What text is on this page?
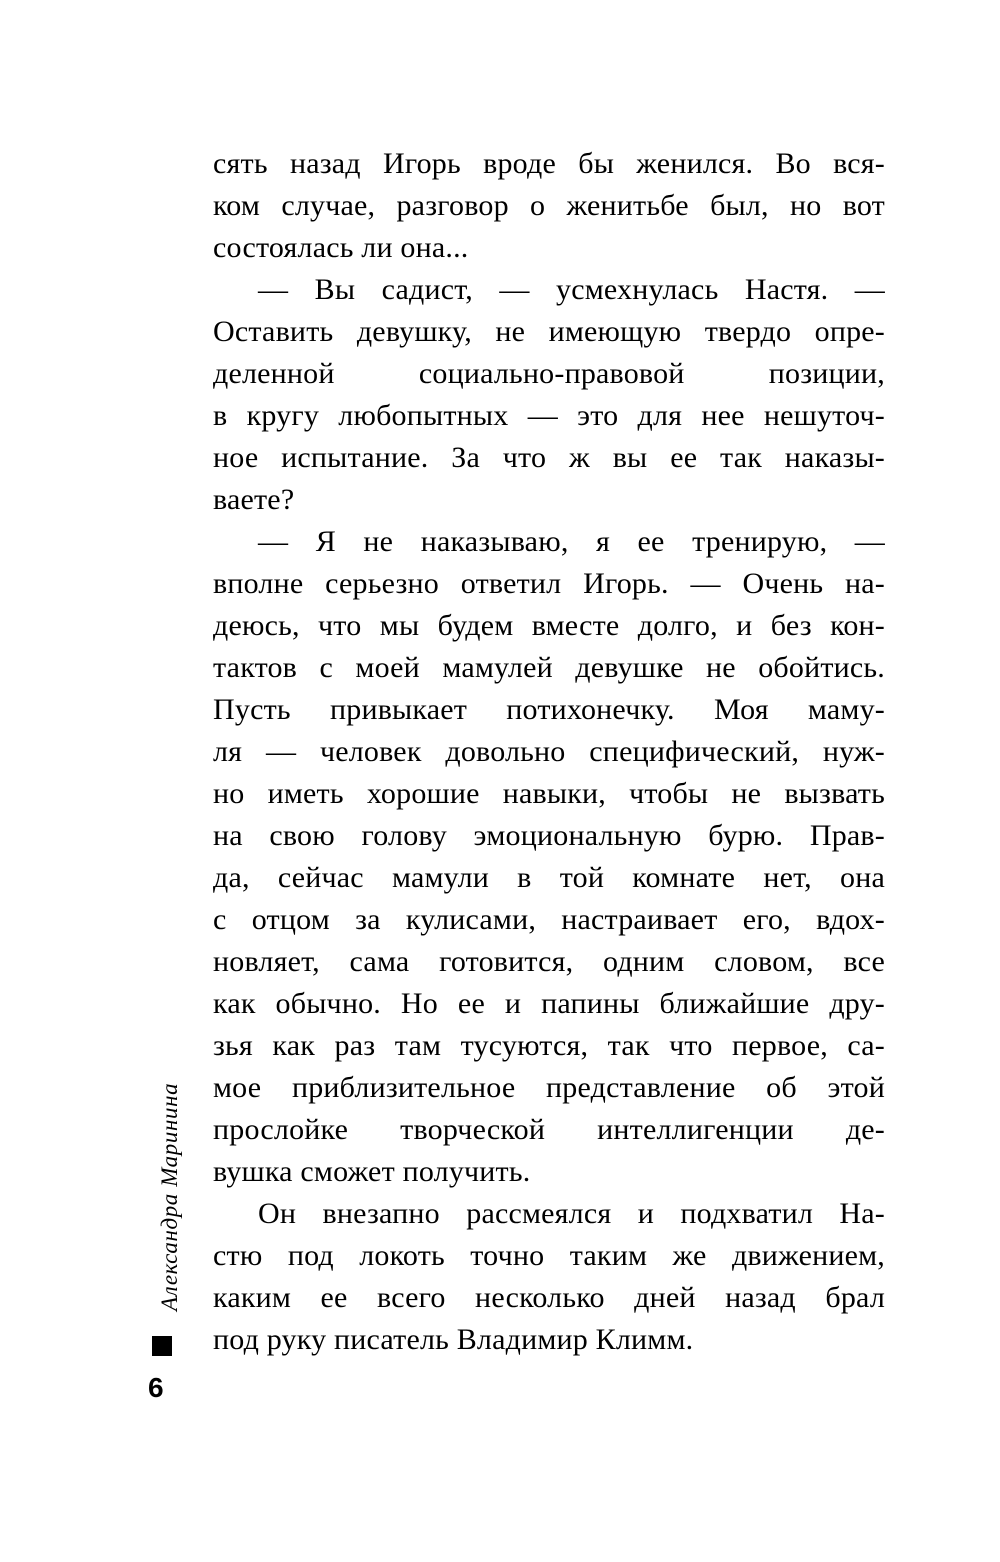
сять назад Игорь вроде бы женился. Во вся-
ком случае, разговор о женитьбе был, но вот
состоялась ли она...
— Вы садист, — усмехнулась Настя. —
Оставить девушку, не имеющую твердо опре-
деленной социально-правовой позиции,
в кругу любопытных — это для нее нешуточ-
ное испытание. За что ж вы ее так наказы-
ваете?
— Я не наказываю, я ее тренирую, —
вполне серьезно ответил Игорь. — Очень на-
деюсь, что мы будем вместе долго, и без кон-
тактов с моей мамулей девушке не обойтись.
Пусть привыкает потихонечку. Моя маму-
ля — человек довольно специфический, нуж-
но иметь хорошие навыки, чтобы не вызвать
на свою голову эмоциональную бурю. Прав-
да, сейчас мамули в той комнате нет, она
с отцом за кулисами, настраивает его, вдох-
новляет, сама готовится, одним словом, все
как обычно. Но ее и папины ближайшие дру-
зья как раз там тусуются, так что первое, са-
мое приблизительное представление об этой
прослойке творческой интеллигенции де-
вушка сможет получить.
Он внезапно рассмеялся и подхватил На-
стю под локоть точно таким же движением,
каким ее всего несколько дней назад брал
под руку писатель Владимир Климм.
Александра Маринина
6
